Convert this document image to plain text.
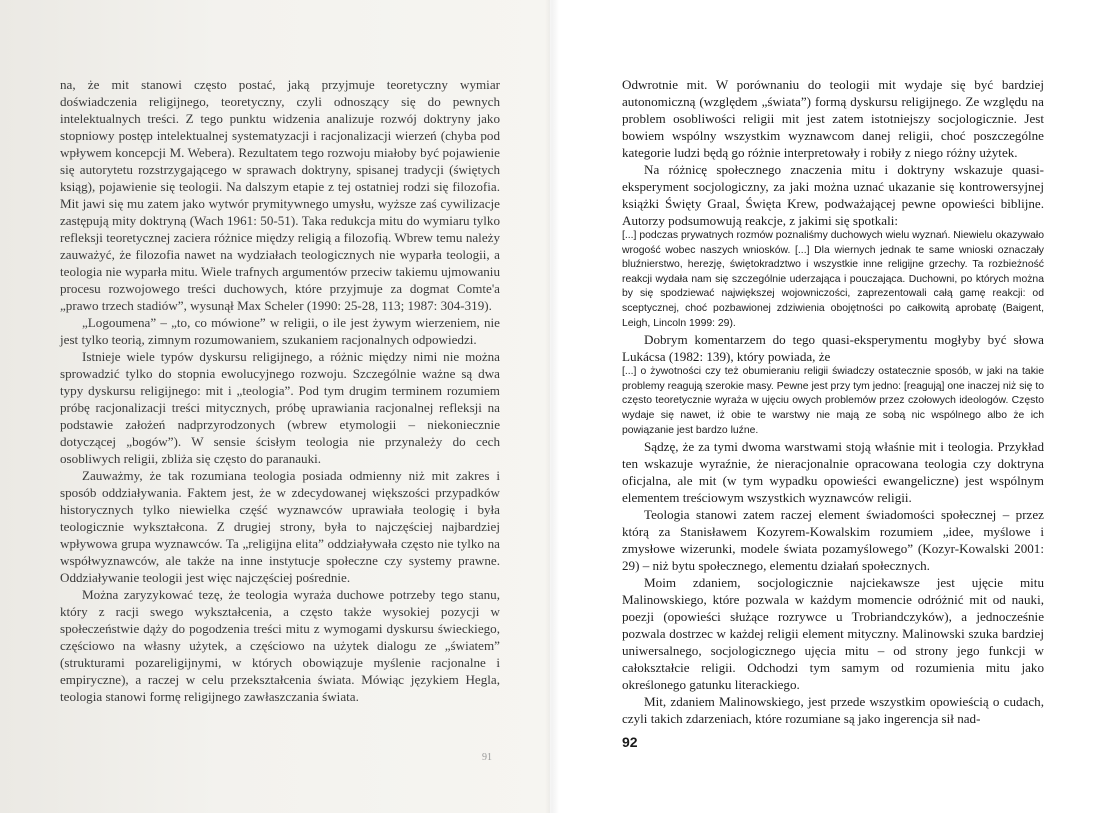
na, że mit stanowi często postać, jaką przyjmuje teoretyczny wymiar doświadczenia religijnego, teoretyczny, czyli odnoszący się do pewnych intelektualnych treści. Z tego punktu widzenia analizuje rozwój doktryny jako stopniowy postęp intelektualnej systematyzacji i racjonalizacji wierzeń (chyba pod wpływem koncepcji M. Webera). Rezultatem tego rozwoju miałoby być pojawienie się autorytetu rozstrzygającego w sprawach doktryny, spisanej tradycji (świętych ksiąg), pojawienie się teologii. Na dalszym etapie z tej ostatniej rodzi się filozofia. Mit jawi się mu zatem jako wytwór prymitywnego umysłu, wyższe zaś cywilizacje zastępują mity doktryną (Wach 1961: 50-51). Taka redukcja mitu do wymiaru tylko refleksji teoretycznej zaciera różnice między religią a filozofią. Wbrew temu należy zauważyć, że filozofia nawet na wydziałach teologicznych nie wyparła teologii, a teologia nie wyparła mitu. Wiele trafnych argumentów przeciw takiemu ujmowaniu procesu rozwojowego treści duchowych, które przyjmuje za dogmat Comte'a „prawo trzech stadiów”, wysunął Max Scheler (1990: 25-28, 113; 1987: 304-319).

„Logoumena” – „to, co mówione” w religii, o ile jest żywym wierzeniem, nie jest tylko teorią, zimnym rozumowaniem, szukaniem racjonalnych odpowiedzi.

Istnieje wiele typów dyskursu religijnego, a różnic między nimi nie można sprowadzić tylko do stopnia ewolucyjnego rozwoju. Szczególnie ważne są dwa typy dyskursu religijnego: mit i „teologia”. Pod tym drugim terminem rozumiem próbę racjonalizacji treści mitycznych, próbę uprawiania racjonalnej refleksji na podstawie założeń nadprzyrodzonych (wbrew etymologii – niekoniecznie dotyczącej „bogów”). W sensie ścisłym teologia nie przynależy do cech osobliwych religii, zbliża się często do paranauki.

Zauważmy, że tak rozumiana teologia posiada odmienny niż mit zakres i sposób oddziaływania. Faktem jest, że w zdecydowanej większości przypadków historycznych tylko niewielka część wyznawców uprawiała teologię i była teologicznie wykształcona. Z drugiej strony, była to najczęściej najbardziej wpływowa grupa wyznawców. Ta „religijna elita” oddziaływała często nie tylko na współwyznawców, ale także na inne instytucje społeczne czy systemy prawne. Oddziaływanie teologii jest więc najczęściej pośrednie.

Można zaryzykować tezę, że teologia wyraża duchowe potrzeby tego stanu, który z racji swego wykształcenia, a często także wysokiej pozycji w społeczeństwie dąży do pogodzenia treści mitu z wymogami dyskursu świeckiego, częściowo na własny użytek, a częściowo na użytek dialogu ze „światem” (strukturami pozareligijnymi, w których obowiązuje myślenie racjonalne i empiryczne), a raczej w celu przekształcenia świata. Mówiąc językiem Hegla, teologia stanowi formę religijnego zawłaszczania świata.

91

Odwrotnie mit. W porównaniu do teologii mit wydaje się być bardziej autonomiczną (względem „świata”) formą dyskursu religijnego. Ze względu na problem osobliwości religii mit jest zatem istotniejszy socjologicznie. Jest bowiem wspólny wszystkim wyznawcom danej religii, choć poszczególne kategorie ludzi będą go różnie interpretowały i robiły z niego różny użytek.

Na różnicę społecznego znaczenia mitu i doktryny wskazuje quasi-eksperyment socjologiczny, za jaki można uznać ukazanie się kontrowersyjnej książki Święty Graal, Święta Krew, podważającej pewne opowieści biblijne. Autorzy podsumowują reakcje, z jakimi się spotkali:

[...] podczas prywatnych rozmów poznaliśmy duchowych wielu wyznań. Niewielu okazywało wrogość wobec naszych wniosków. [...] Dla wiernych jednak te same wnioski oznaczały bluźnierstwo, herezję, świętokradztwo i wszystkie inne religijne grzechy. Ta rozbieżność reakcji wydała nam się szczególnie uderzająca i pouczająca. Duchowni, po których można by się spodziewać największej wojowniczości, zaprezentowali całą gamę reakcji: od sceptycznej, choć pozbawionej zdziwienia obojętności po całkowitą aprobatę (Baigent, Leigh, Lincoln 1999: 29).

Dobrym komentarzem do tego quasi-eksperymentu mogłyby być słowa Lukácsa (1982: 139), który powiada, że

[...] o żywotności czy też obumieraniu religii świadczy ostatecznie sposób, w jaki na takie problemy reagują szerokie masy. Pewne jest przy tym jedno: [reagują] one inaczej niż się to często teoretycznie wyraża w ujęciu owych problemów przez czołowych ideologów. Często wydaje się nawet, iż obie te warstwy nie mają ze sobą nic wspólnego albo że ich powiązanie jest bardzo luźne.

Sądzę, że za tymi dwoma warstwami stoją właśnie mit i teologia. Przykład ten wskazuje wyraźnie, że nieracjonalnie opracowana teologia czy doktryna oficjalna, ale mit (w tym wypadku opowieści ewangeliczne) jest wspólnym elementem treściowym wszystkich wyznawców religii.

Teologia stanowi zatem raczej element świadomości społecznej – przez którą za Stanisławem Kozyrem-Kowalskim rozumiem „idee, myślowe i zmysłowe wizerunki, modele świata pozamyślowego” (Kozyr-Kowalski 2001: 29) – niż bytu społecznego, elementu działań społecznych.

Moim zdaniem, socjologicznie najciekawsze jest ujęcie mitu Malinowskiego, które pozwala w każdym momencie odróżnić mit od nauki, poezji (opowieści służące rozrywce u Trobriandczyków), a jednocześnie pozwala dostrzec w każdej religii element mityczny. Malinowski szuka bardziej uniwersalnego, socjologicznego ujęcia mitu – od strony jego funkcji w całokształcie religii. Odchodzi tym samym od rozumienia mitu jako określonego gatunku literackiego.

Mit, zdaniem Malinowskiego, jest przede wszystkim opowieścią o cudach, czyli takich zdarzeniach, które rozumiane są jako ingerencja sił nad-

92
